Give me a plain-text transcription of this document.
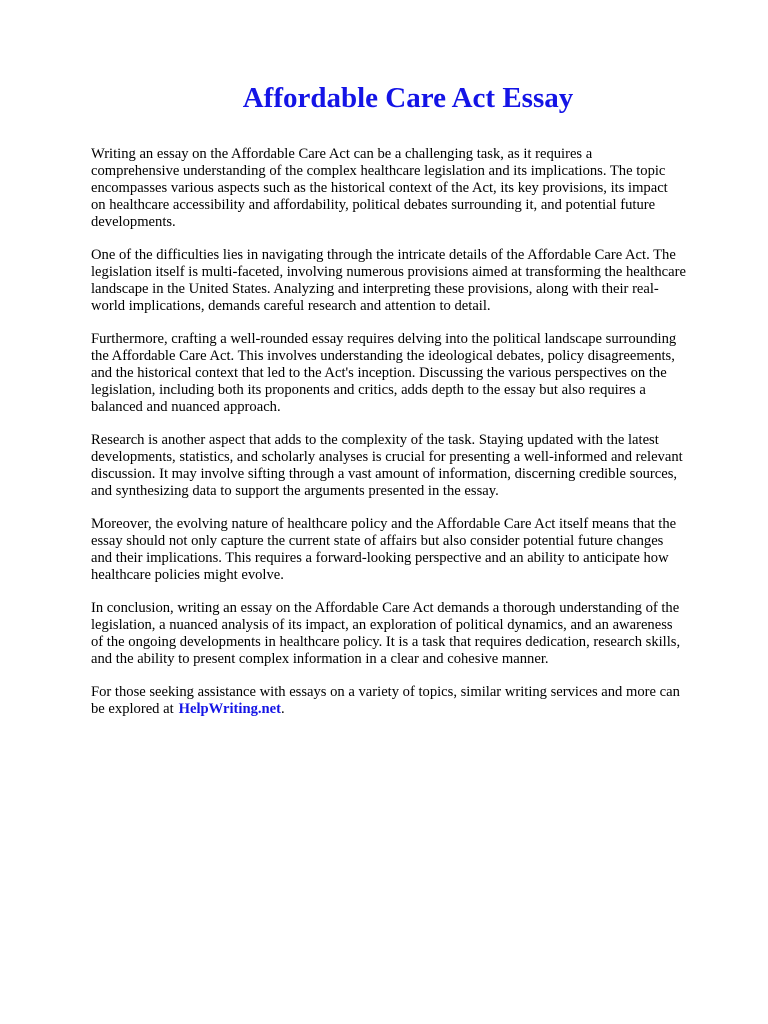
Affordable Care Act Essay
Writing an essay on the Affordable Care Act can be a challenging task, as it requires a
comprehensive understanding of the complex healthcare legislation and its implications. The topic
encompasses various aspects such as the historical context of the Act, its key provisions, its impact
on healthcare accessibility and affordability, political debates surrounding it, and potential future
developments.
One of the difficulties lies in navigating through the intricate details of the Affordable Care Act. The
legislation itself is multi-faceted, involving numerous provisions aimed at transforming the healthcare
landscape in the United States. Analyzing and interpreting these provisions, along with their real-
world implications, demands careful research and attention to detail.
Furthermore, crafting a well-rounded essay requires delving into the political landscape surrounding
the Affordable Care Act. This involves understanding the ideological debates, policy disagreements,
and the historical context that led to the Act's inception. Discussing the various perspectives on the
legislation, including both its proponents and critics, adds depth to the essay but also requires a
balanced and nuanced approach.
Research is another aspect that adds to the complexity of the task. Staying updated with the latest
developments, statistics, and scholarly analyses is crucial for presenting a well-informed and relevant
discussion. It may involve sifting through a vast amount of information, discerning credible sources,
and synthesizing data to support the arguments presented in the essay.
Moreover, the evolving nature of healthcare policy and the Affordable Care Act itself means that the
essay should not only capture the current state of affairs but also consider potential future changes
and their implications. This requires a forward-looking perspective and an ability to anticipate how
healthcare policies might evolve.
In conclusion, writing an essay on the Affordable Care Act demands a thorough understanding of the
legislation, a nuanced analysis of its impact, an exploration of political dynamics, and an awareness
of the ongoing developments in healthcare policy. It is a task that requires dedication, research skills,
and the ability to present complex information in a clear and cohesive manner.
For those seeking assistance with essays on a variety of topics, similar writing services and more can
be explored at HelpWriting.net.
